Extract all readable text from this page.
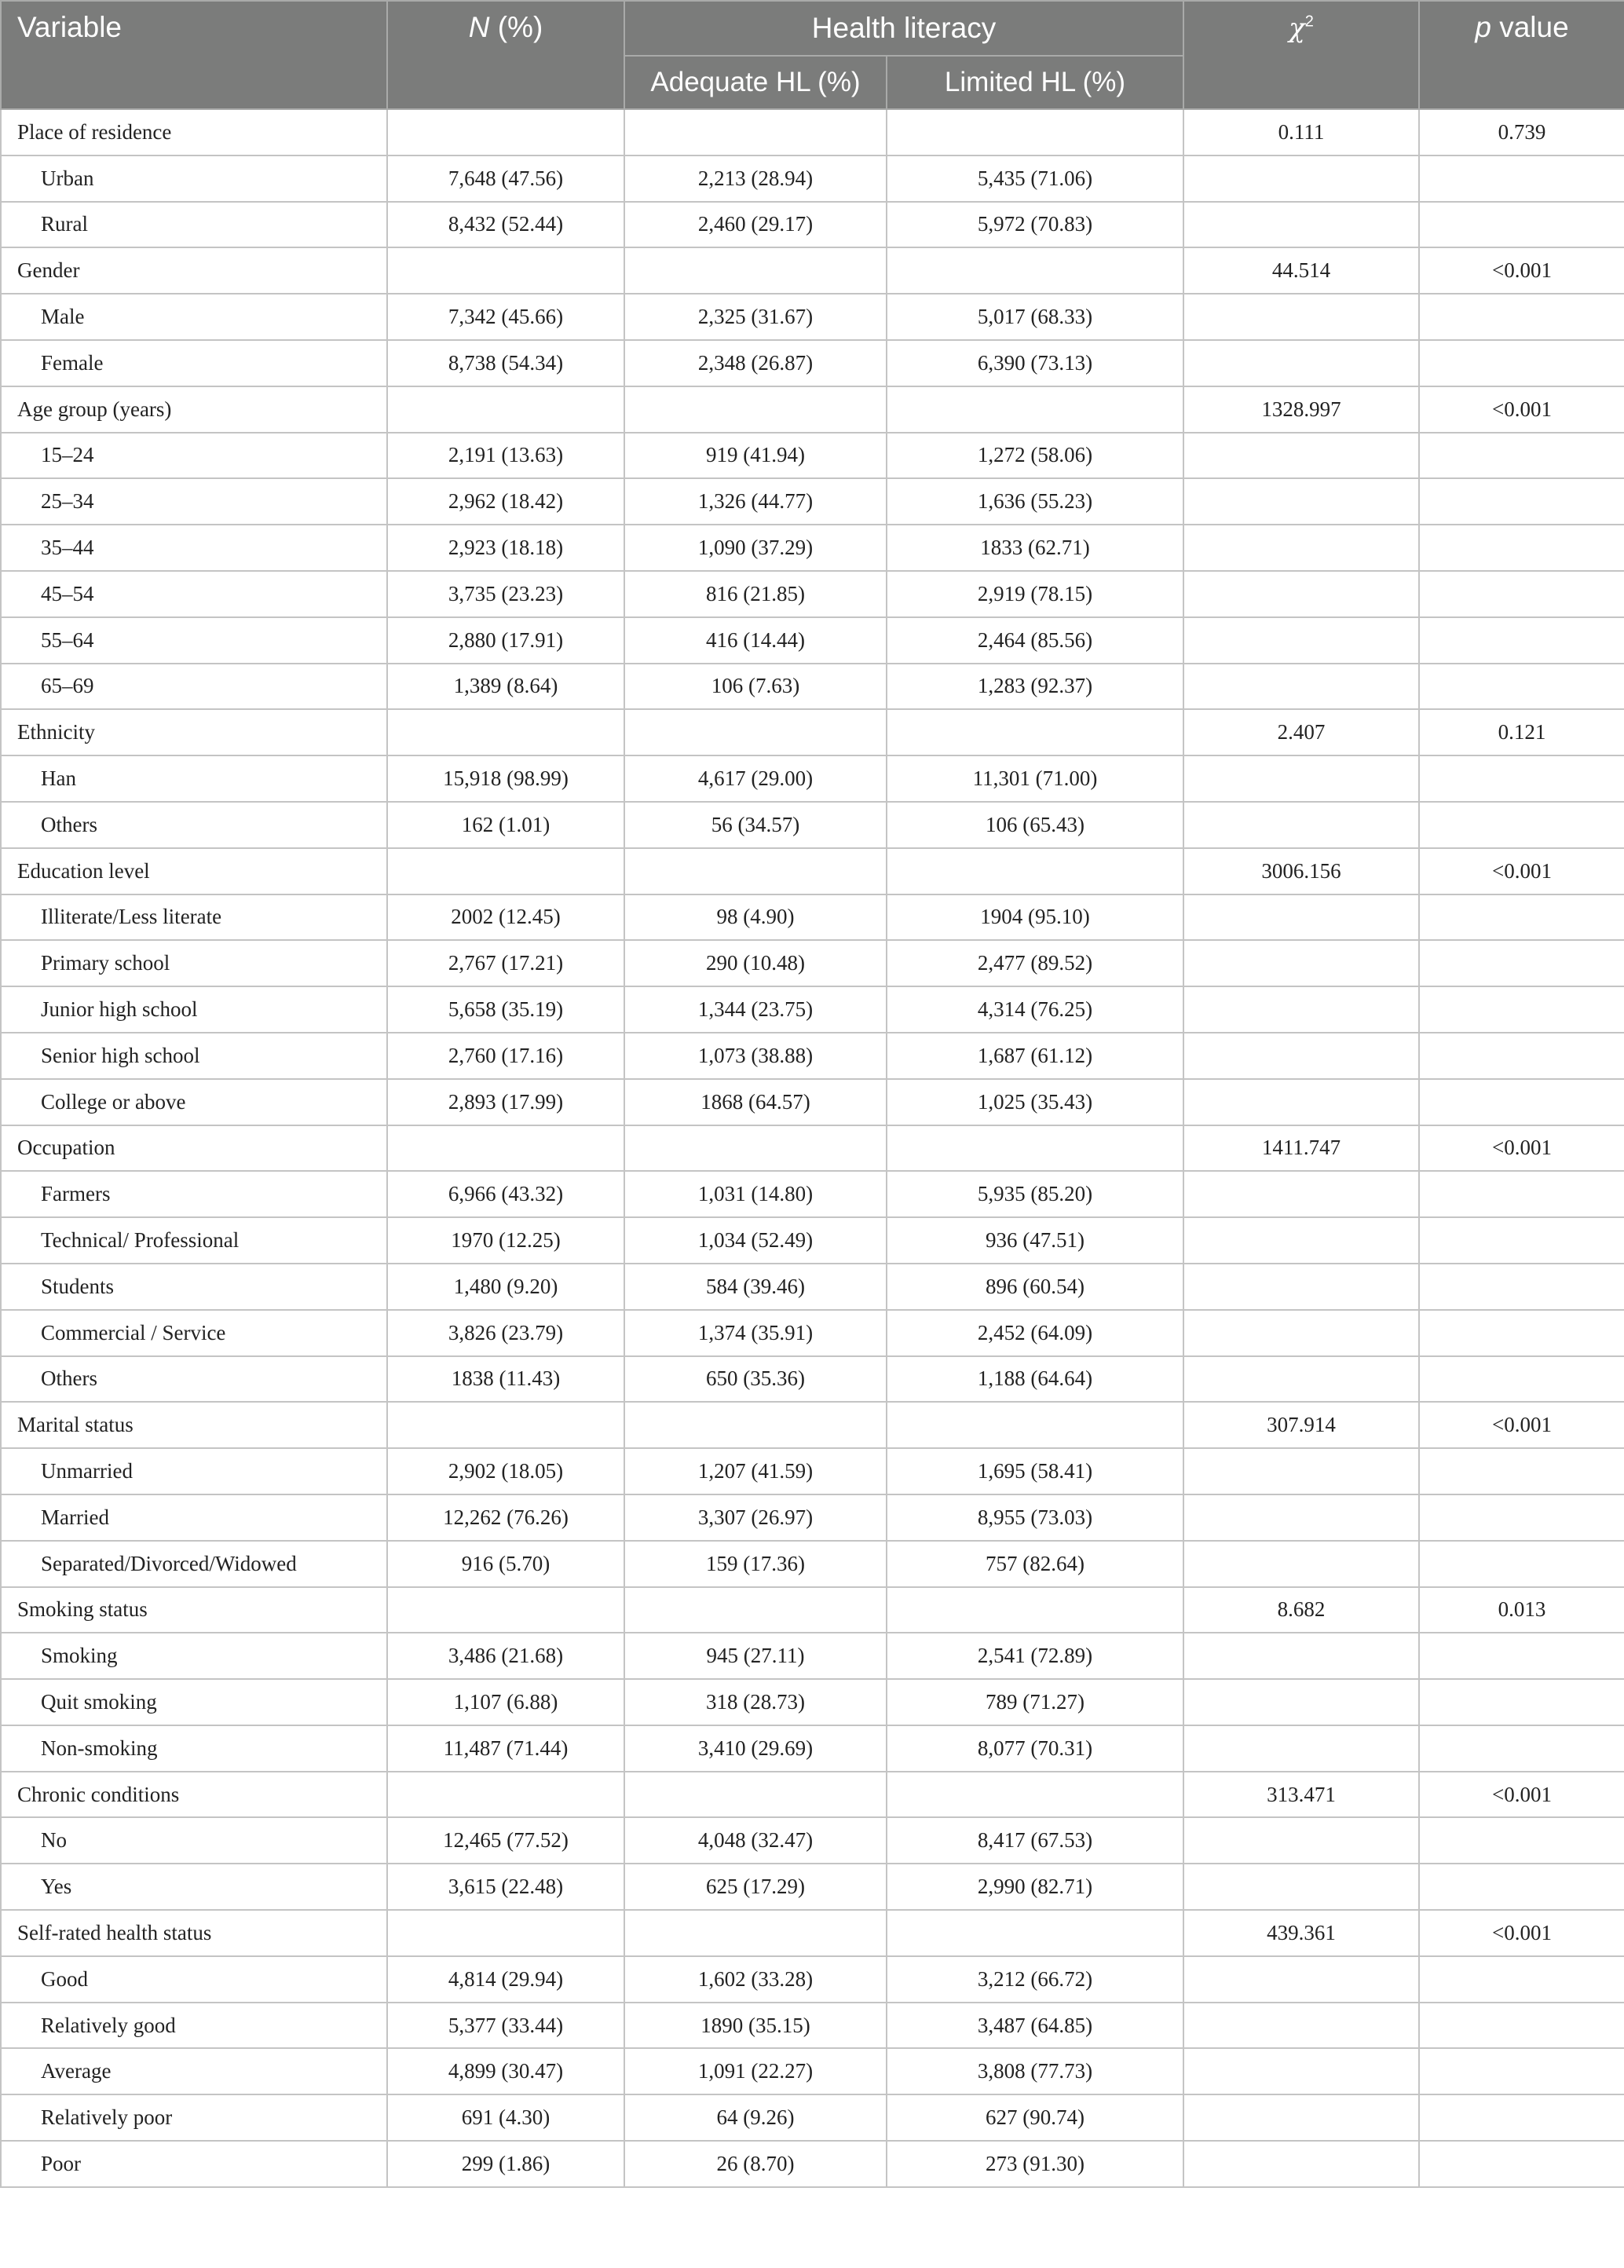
Variable	N (%)	Health literacy		$\chi^2$	p value
		Adequate HL (%)	Limited HL (%)		
Place of residence				0.111	0.739
Urban	7,648 (47.56)	2,213 (28.94)	5,435 (71.06)		
Rural	8,432 (52.44)	2,460 (29.17)	5,972 (70.83)		
Gender				44.514	<0.001
Male	7,342 (45.66)	2,325 (31.67)	5,017 (68.33)		
Female	8,738 (54.34)	2,348 (26.87)	6,390 (73.13)		
Age group (years)				1328.997	<0.001
15–24	2,191 (13.63)	919 (41.94)	1,272 (58.06)		
25–34	2,962 (18.42)	1,326 (44.77)	1,636 (55.23)		
35–44	2,923 (18.18)	1,090 (37.29)	1833 (62.71)		
45–54	3,735 (23.23)	816 (21.85)	2,919 (78.15)		
55–64	2,880 (17.91)	416 (14.44)	2,464 (85.56)		
65–69	1,389 (8.64)	106 (7.63)	1,283 (92.37)		
Ethnicity				2.407	0.121
Han	15,918 (98.99)	4,617 (29.00)	11,301 (71.00)		
Others	162 (1.01)	56 (34.57)	106 (65.43)		
Education level				3006.156	<0.001
Illiterate/Less literate	2002 (12.45)	98 (4.90)	1904 (95.10)		
Primary school	2,767 (17.21)	290 (10.48)	2,477 (89.52)		
Junior high school	5,658 (35.19)	1,344 (23.75)	4,314 (76.25)		
Senior high school	2,760 (17.16)	1,073 (38.88)	1,687 (61.12)		
College or above	2,893 (17.99)	1868 (64.57)	1,025 (35.43)		
Occupation				1411.747	<0.001
Farmers	6,966 (43.32)	1,031 (14.80)	5,935 (85.20)		
Technical/ Professional	1970 (12.25)	1,034 (52.49)	936 (47.51)		
Students	1,480 (9.20)	584 (39.46)	896 (60.54)		
Commercial / Service	3,826 (23.79)	1,374 (35.91)	2,452 (64.09)		
Others	1838 (11.43)	650 (35.36)	1,188 (64.64)		
Marital status				307.914	<0.001
Unmarried	2,902 (18.05)	1,207 (41.59)	1,695 (58.41)		
Married	12,262 (76.26)	3,307 (26.97)	8,955 (73.03)		
Separated/Divorced/Widowed	916 (5.70)	159 (17.36)	757 (82.64)		
Smoking status				8.682	0.013
Smoking	3,486 (21.68)	945 (27.11)	2,541 (72.89)		
Quit smoking	1,107 (6.88)	318 (28.73)	789 (71.27)		
Non-smoking	11,487 (71.44)	3,410 (29.69)	8,077 (70.31)		
Chronic conditions				313.471	<0.001
No	12,465 (77.52)	4,048 (32.47)	8,417 (67.53)		
Yes	3,615 (22.48)	625 (17.29)	2,990 (82.71)		
Self-rated health status				439.361	<0.001
Good	4,814 (29.94)	1,602 (33.28)	3,212 (66.72)		
Relatively good	5,377 (33.44)	1890 (35.15)	3,487 (64.85)		
Average	4,899 (30.47)	1,091 (22.27)	3,808 (77.73)		
Relatively poor	691 (4.30)	64 (9.26)	627 (90.74)		
Poor	299 (1.86)	26 (8.70)	273 (91.30)		
